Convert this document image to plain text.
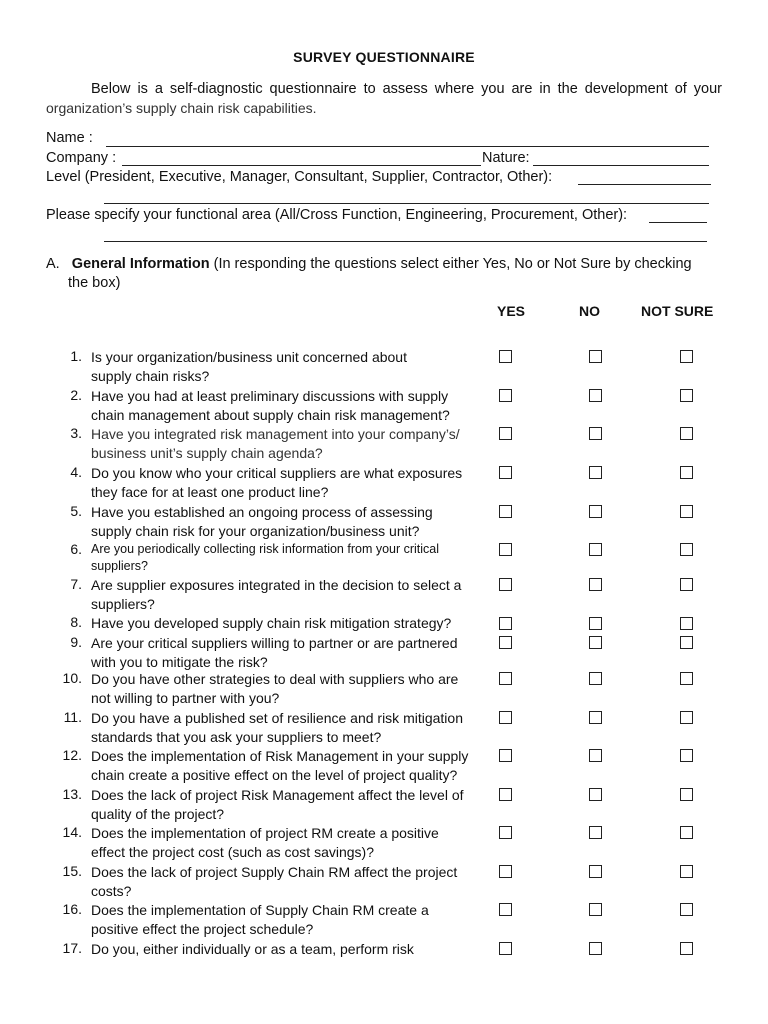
SURVEY QUESTIONNAIRE
Below is a self-diagnostic questionnaire to assess where you are in the development of your
organization’s supply chain risk capabilities.
Name :
Company :	Nature:
Level (President, Executive, Manager, Consultant, Supplier, Contractor, Other):
Please specify your functional area (All/Cross Function, Engineering, Procurement, Other):
A. General Information (In responding the questions select either Yes, No or Not Sure by checking
the box)
YES	NO	NOT SURE
1. Is your organization/business unit concerned about
supply chain risks?
2. Have you had at least preliminary discussions with supply
chain management about supply chain risk management?
3. Have you integrated risk management into your company’s/
business unit’s supply chain agenda?
4. Do you know who your critical suppliers are what exposures
they face for at least one product line?
5. Have you established an ongoing process of assessing
supply chain risk for your organization/business unit?
6. Are you periodically collecting risk information from your critical
suppliers?
7. Are supplier exposures integrated in the decision to select a
suppliers?
8. Have you developed supply chain risk mitigation strategy?
9. Are your critical suppliers willing to partner or are partnered
with you to mitigate the risk?
10. Do you have other strategies to deal with suppliers who are
not willing to partner with you?
11. Do you have a published set of resilience and risk mitigation
standards that you ask your suppliers to meet?
12. Does the implementation of Risk Management in your supply
chain create a positive effect on the level of project quality?
13. Does the lack of project Risk Management affect the level of
quality of the project?
14. Does the implementation of project RM create a positive
effect the project cost (such as cost savings)?
15. Does the lack of project Supply Chain RM affect the project
costs?
16. Does the implementation of Supply Chain RM create a
positive effect the project schedule?
17. Do you, either individually or as a team, perform risk
